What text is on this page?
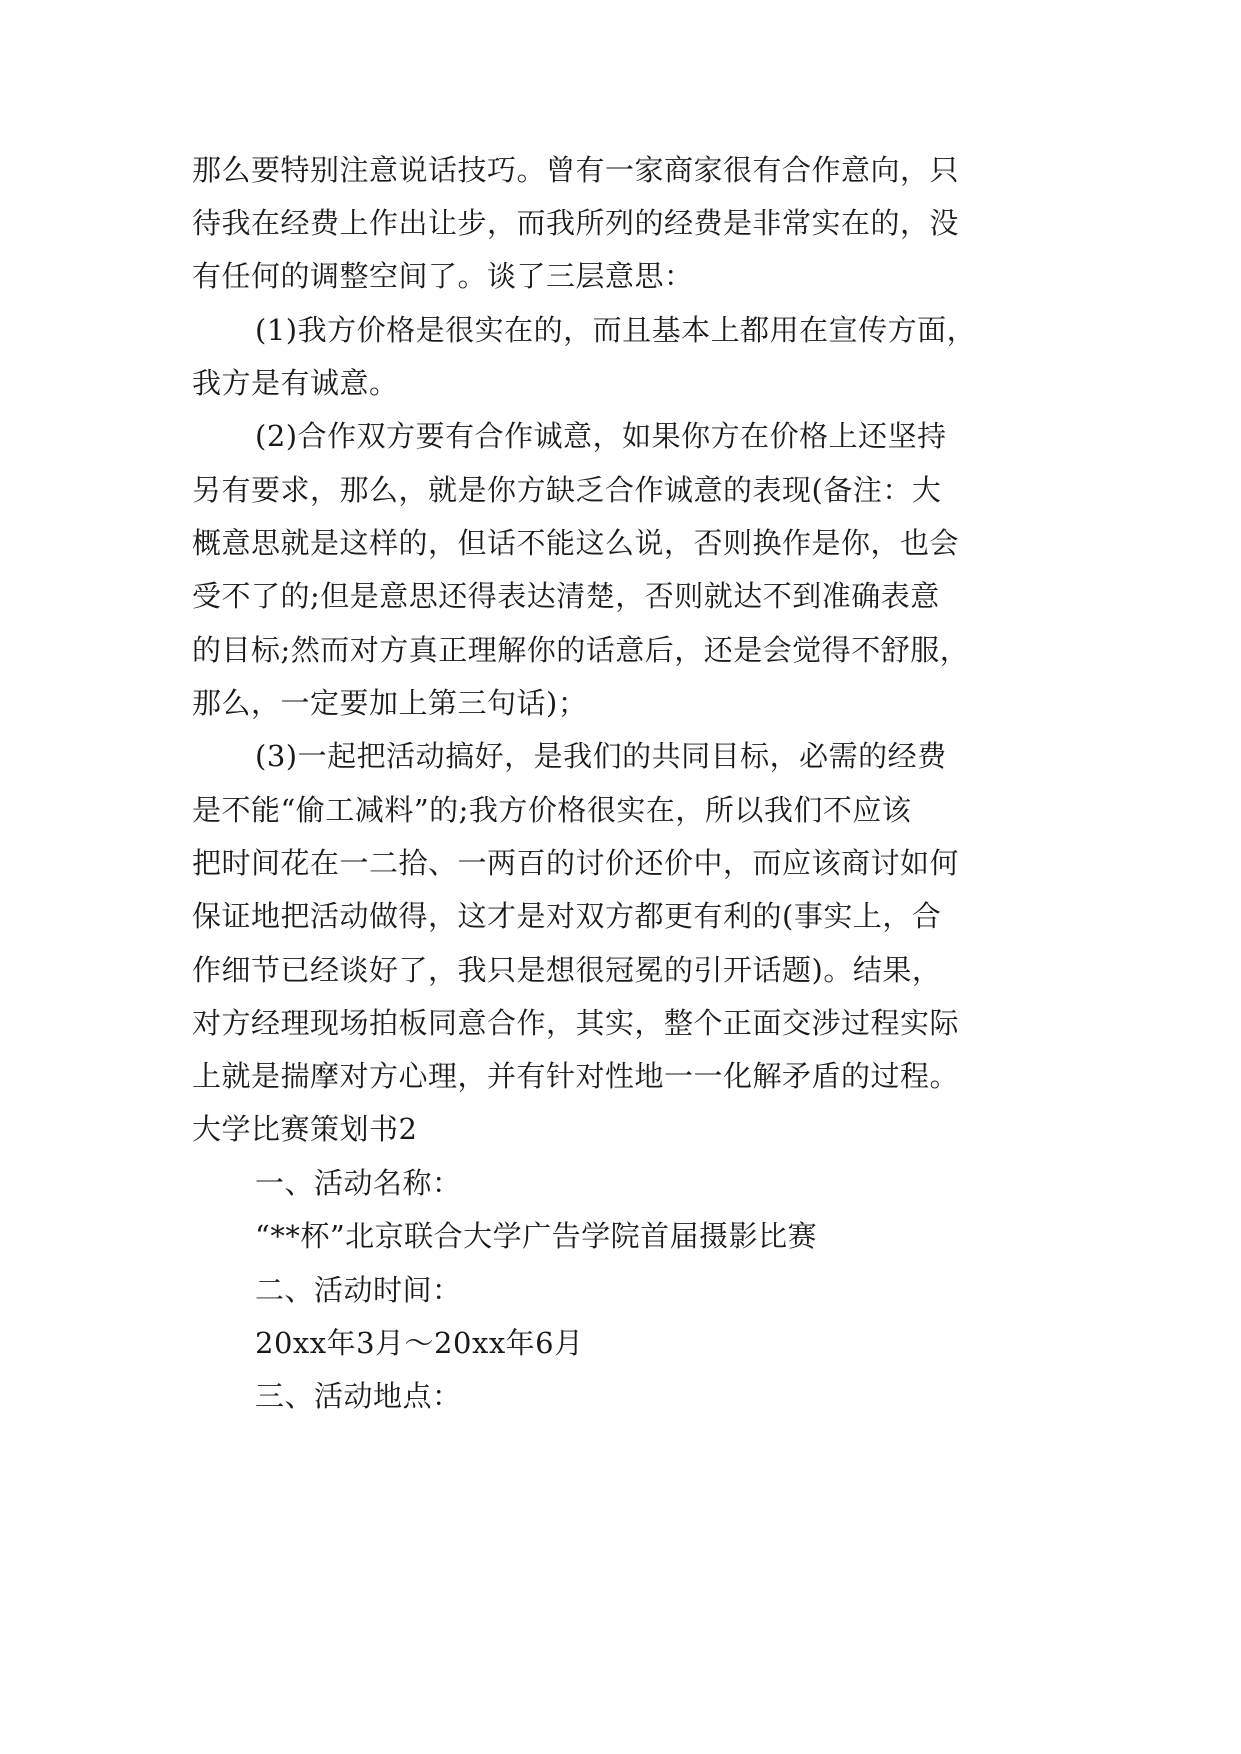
那么要特别注意说话技巧。曾有一家商家很有合作意向，只
待我在经费上作出让步，而我所列的经费是非常实在的，没
有任何的调整空间了。谈了三层意思：
(1)我方价格是很实在的，而且基本上都用在宣传方面，
我方是有诚意。
(2)合作双方要有合作诚意，如果你方在价格上还坚持
另有要求，那么，就是你方缺乏合作诚意的表现(备注：大
概意思就是这样的，但话不能这么说，否则换作是你，也会
受不了的;但是意思还得表达清楚，否则就达不到准确表意
的目标;然而对方真正理解你的话意后，还是会觉得不舒服，
那么，一定要加上第三句话)；
(3)一起把活动搞好，是我们的共同目标，必需的经费
是不能“偷工减料”的;我方价格很实在，所以我们不应该
把时间花在一二拾、一两百的讨价还价中，而应该商讨如何
保证地把活动做得，这才是对双方都更有利的(事实上，合
作细节已经谈好了，我只是想很冠冕的引开话题)。结果，
对方经理现场拍板同意合作，其实，整个正面交涉过程实际
上就是揣摩对方心理，并有针对性地一一化解矛盾的过程。
大学比赛策划书2
一、活动名称：
“**杯”北京联合大学广告学院首届摄影比赛
二、活动时间：
20xx年3月～20xx年6月
三、活动地点：
